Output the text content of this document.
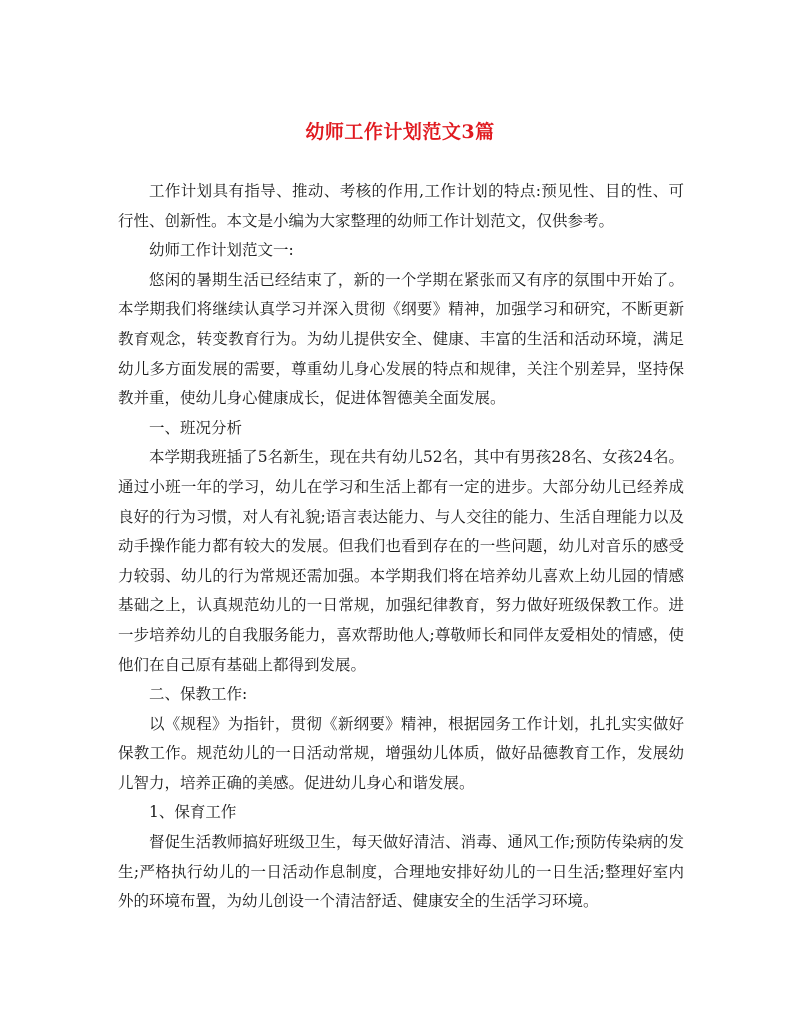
幼师工作计划范文3篇

工作计划具有指导、推动、考核的作用,工作计划的特点:预见性、目的性、可行性、创新性。本文是小编为大家整理的幼师工作计划范文，仅供参考。

幼师工作计划范文一:

悠闲的暑期生活已经结束了，新的一个学期在紧张而又有序的氛围中开始了。本学期我们将继续认真学习并深入贯彻《纲要》精神，加强学习和研究，不断更新教育观念，转变教育行为。为幼儿提供安全、健康、丰富的生活和活动环境，满足幼儿多方面发展的需要，尊重幼儿身心发展的特点和规律，关注个别差异，坚持保教并重，使幼儿身心健康成长，促进体智德美全面发展。

一、班况分析

本学期我班插了5名新生，现在共有幼儿52名，其中有男孩28名、女孩24名。通过小班一年的学习，幼儿在学习和生活上都有一定的进步。大部分幼儿已经养成良好的行为习惯，对人有礼貌;语言表达能力、与人交往的能力、生活自理能力以及动手操作能力都有较大的发展。但我们也看到存在的一些问题，幼儿对音乐的感受力较弱、幼儿的行为常规还需加强。本学期我们将在培养幼儿喜欢上幼儿园的情感基础之上，认真规范幼儿的一日常规，加强纪律教育，努力做好班级保教工作。进一步培养幼儿的自我服务能力，喜欢帮助他人;尊敬师长和同伴友爱相处的情感，使他们在自己原有基础上都得到发展。

二、保教工作:

以《规程》为指针，贯彻《新纲要》精神，根据园务工作计划，扎扎实实做好保教工作。规范幼儿的一日活动常规，增强幼儿体质，做好品德教育工作，发展幼儿智力，培养正确的美感。促进幼儿身心和谐发展。

1、保育工作

督促生活教师搞好班级卫生，每天做好清洁、消毒、通风工作;预防传染病的发生;严格执行幼儿的一日活动作息制度，合理地安排好幼儿的一日生活;整理好室内外的环境布置，为幼儿创设一个清洁舒适、健康安全的生活学习环境。
